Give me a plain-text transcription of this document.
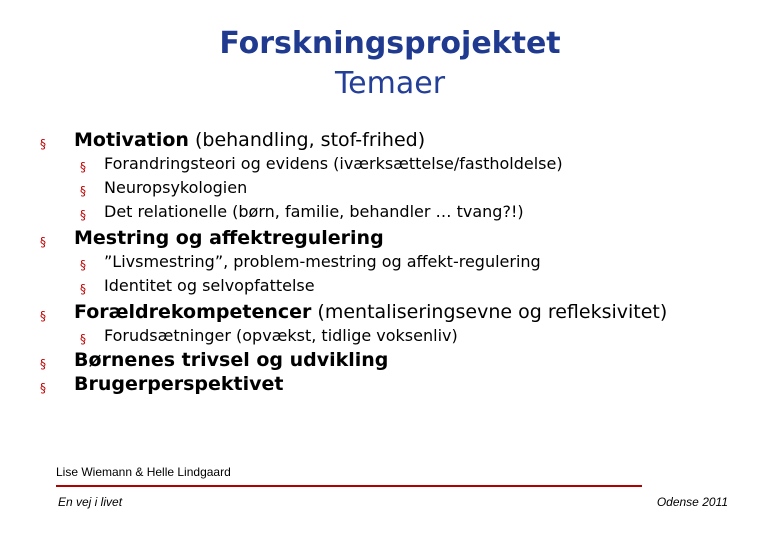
Forskningsprojektet
Temaer
§ Motivation (behandling, stof-frihed)
§ Forandringsteori og evidens (iværksættelse/fastholdelse)
§ Neuropsykologien
§ Det relationelle (børn, familie, behandler … tvang?!)
§ Mestring og affektregulering
§ ”Livsmestring”, problem-mestring og affekt-regulering
§ Identitet og selvopfattelse
§ Forældrekompetencer (mentaliseringsevne og refleksivitet)
§ Forudsætninger (opvækst, tidlige voksenliv)
§ Børnenes trivsel og udvikling
§ Brugerperspektivet
Lise Wiemann & Helle Lindgaard
En vej i livet	Odense 2011
